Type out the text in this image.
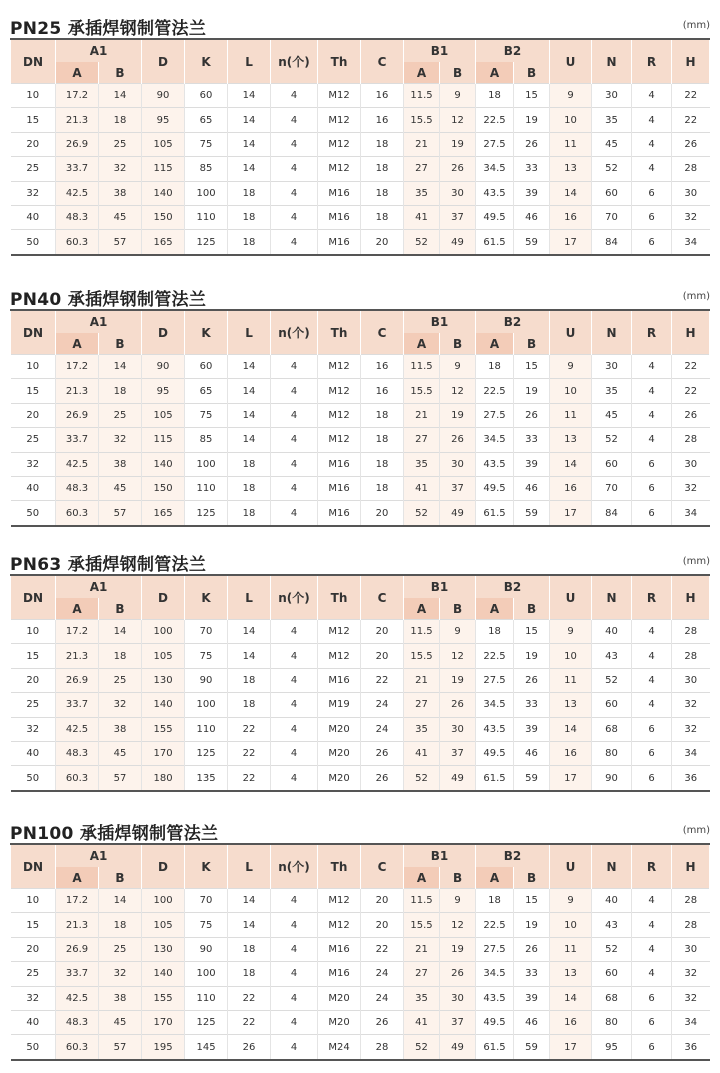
PN25 承插焊钢制管法兰	(mm)
DN	A1		D	K	L	n(个)	Th	C	B1		B2		U	N	R	H
	A	B							A	B	A	B				
10	17.2	14	90	60	14	4	M12	16	11.5	9	18	15	9	30	4	22
15	21.3	18	95	65	14	4	M12	16	15.5	12	22.5	19	10	35	4	22
20	26.9	25	105	75	14	4	M12	18	21	19	27.5	26	11	45	4	26
25	33.7	32	115	85	14	4	M12	18	27	26	34.5	33	13	52	4	28
32	42.5	38	140	100	18	4	M16	18	35	30	43.5	39	14	60	6	30
40	48.3	45	150	110	18	4	M16	18	41	37	49.5	46	16	70	6	32
50	60.3	57	165	125	18	4	M16	20	52	49	61.5	59	17	84	6	34
PN40 承插焊钢制管法兰	(mm)
DN	A1		D	K	L	n(个)	Th	C	B1		B2		U	N	R	H
	A	B							A	B	A	B				
10	17.2	14	90	60	14	4	M12	16	11.5	9	18	15	9	30	4	22
15	21.3	18	95	65	14	4	M12	16	15.5	12	22.5	19	10	35	4	22
20	26.9	25	105	75	14	4	M12	18	21	19	27.5	26	11	45	4	26
25	33.7	32	115	85	14	4	M12	18	27	26	34.5	33	13	52	4	28
32	42.5	38	140	100	18	4	M16	18	35	30	43.5	39	14	60	6	30
40	48.3	45	150	110	18	4	M16	18	41	37	49.5	46	16	70	6	32
50	60.3	57	165	125	18	4	M16	20	52	49	61.5	59	17	84	6	34
PN63 承插焊钢制管法兰	(mm)
DN	A1		D	K	L	n(个)	Th	C	B1		B2		U	N	R	H
	A	B							A	B	A	B				
10	17.2	14	100	70	14	4	M12	20	11.5	9	18	15	9	40	4	28
15	21.3	18	105	75	14	4	M12	20	15.5	12	22.5	19	10	43	4	28
20	26.9	25	130	90	18	4	M16	22	21	19	27.5	26	11	52	4	30
25	33.7	32	140	100	18	4	M19	24	27	26	34.5	33	13	60	4	32
32	42.5	38	155	110	22	4	M20	24	35	30	43.5	39	14	68	6	32
40	48.3	45	170	125	22	4	M20	26	41	37	49.5	46	16	80	6	34
50	60.3	57	180	135	22	4	M20	26	52	49	61.5	59	17	90	6	36
PN100 承插焊钢制管法兰	(mm)
DN	A1		D	K	L	n(个)	Th	C	B1		B2		U	N	R	H
	A	B							A	B	A	B				
10	17.2	14	100	70	14	4	M12	20	11.5	9	18	15	9	40	4	28
15	21.3	18	105	75	14	4	M12	20	15.5	12	22.5	19	10	43	4	28
20	26.9	25	130	90	18	4	M16	22	21	19	27.5	26	11	52	4	30
25	33.7	32	140	100	18	4	M16	24	27	26	34.5	33	13	60	4	32
32	42.5	38	155	110	22	4	M20	24	35	30	43.5	39	14	68	6	32
40	48.3	45	170	125	22	4	M20	26	41	37	49.5	46	16	80	6	34
50	60.3	57	195	145	26	4	M24	28	52	49	61.5	59	17	95	6	36
